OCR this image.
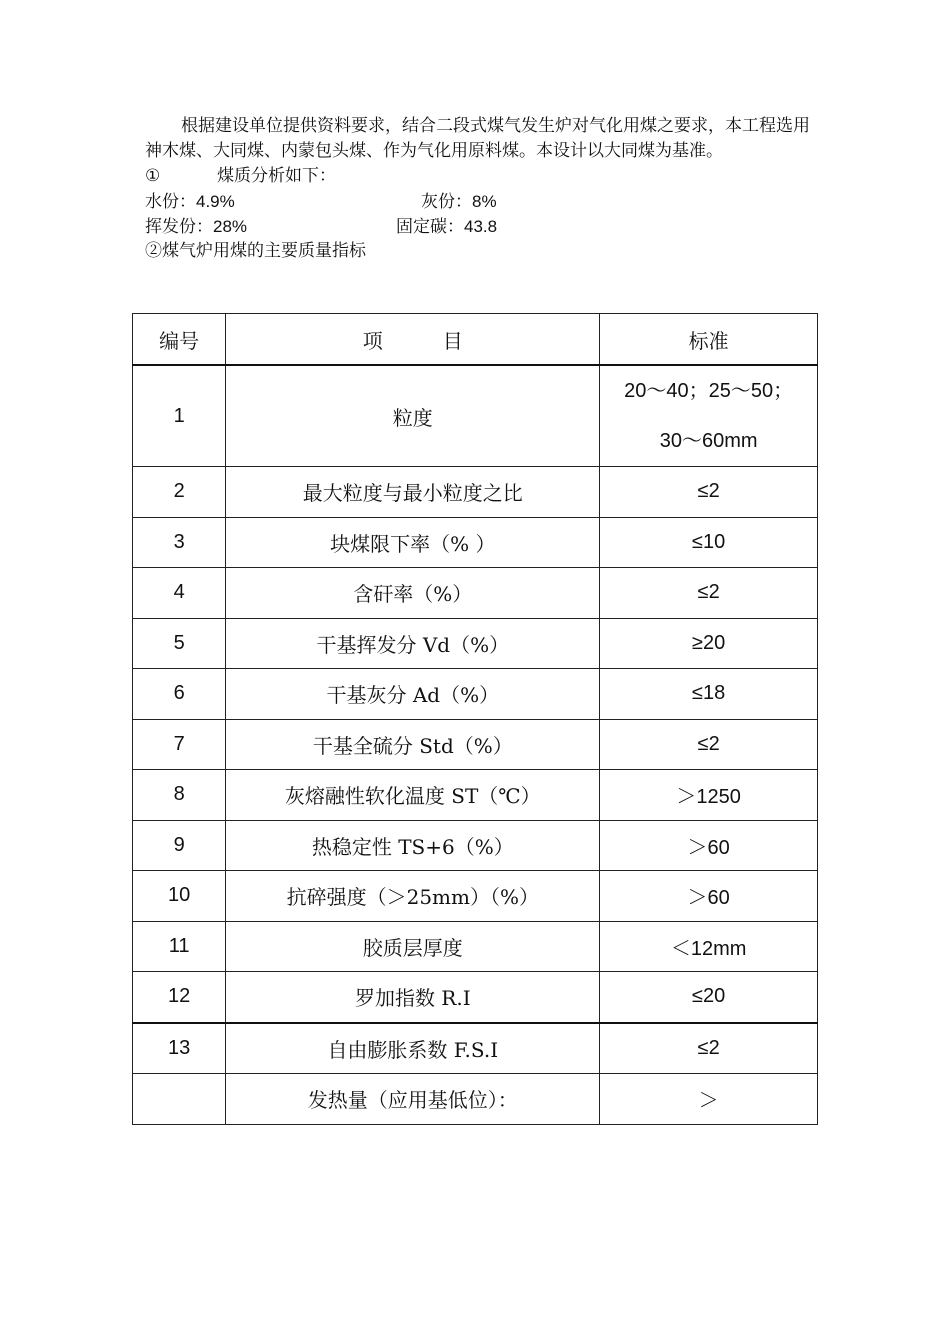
根据建设单位提供资料要求，结合二段式煤气发生炉对气化用煤之要求，本工程选用神木煤、大同煤、内蒙包头煤、作为气化用原料煤。本设计以大同煤为基准。

①	煤质分析如下：
水份：4.9%	灰份：8%
挥发份：28%	固定碳：43.8
②煤气炉用煤的主要质量指标
编号	项　　　目	标准
1	粒度	20～40；25～50；
30～60mm

2	最大粒度与最小粒度之比	≤2
3	块煤限下率（% ）	≤10
4	含矸率（%）	≤2
5	干基挥发分 Vd（%）	≥20
6	干基灰分 Ad（%）	≤18
7	干基全硫分 Std（%）	≤2
8	灰熔融性软化温度 ST（℃）	＞1250
9	热稳定性 TS+6（%）	＞60
10	抗碎强度（＞25mm）（%）	＞60
11	胶质层厚度	＜12mm
12	罗加指数 R.I	≤20
13	自由膨胀系数 F.S.I	≤2
	发热量（应用基低位）：	＞
